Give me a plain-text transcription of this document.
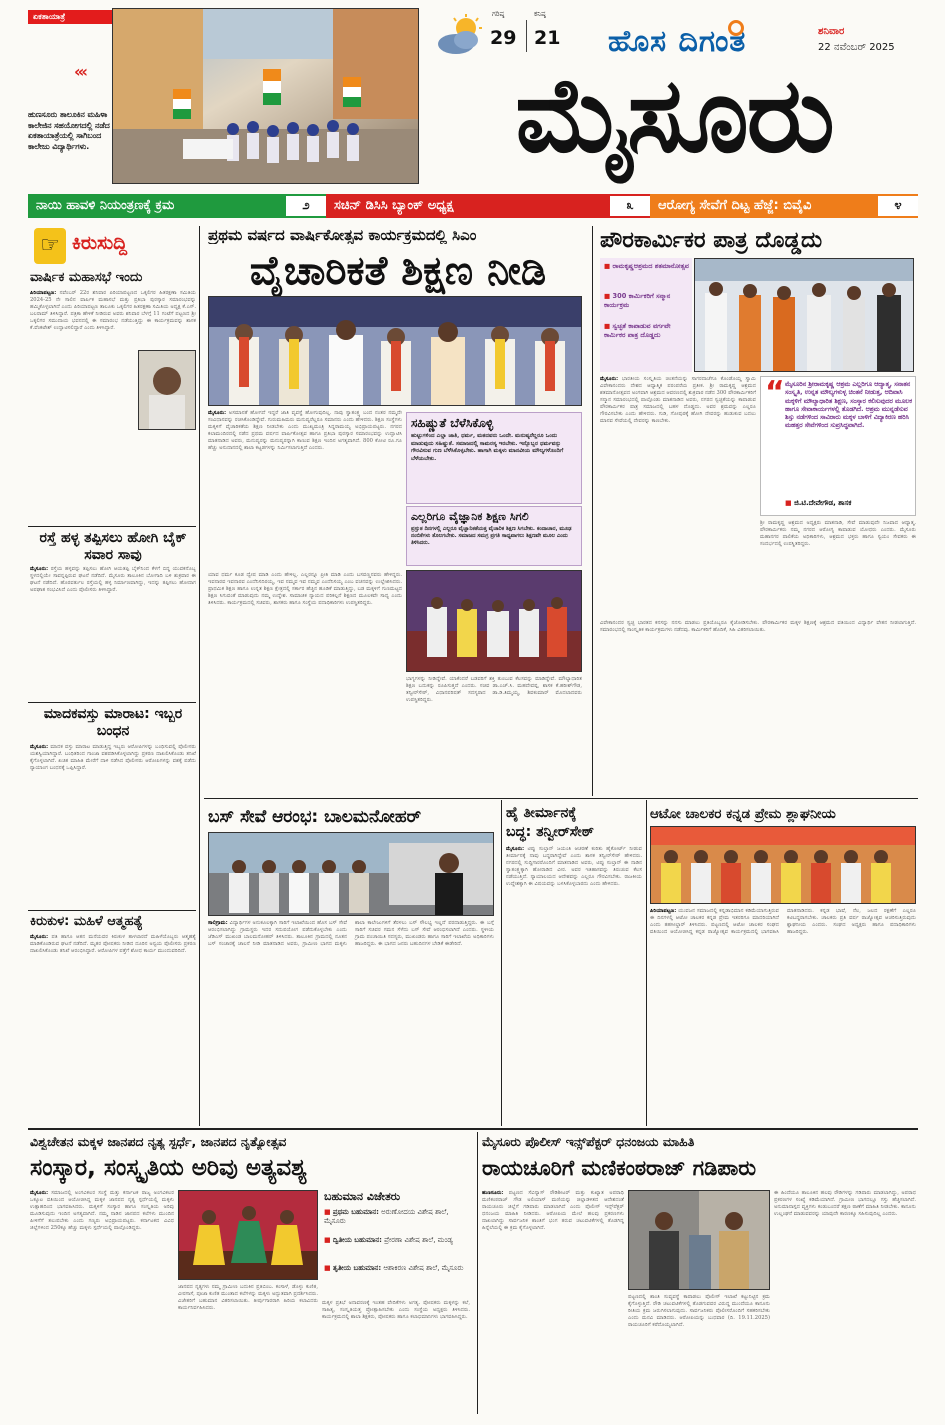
ಏಕತಾಯಾತ್ರೆ
«‹
ಹುಣಸೂರು ತಾಲೂಕಿನ ಮಹಿಳಾ ಕಾಲೇಜಿನ ಸಹಯೋಗದಲ್ಲಿ ನಡೆದ ಏಕತಾಯಾತ್ರೆಯಲ್ಲಿ ಸಾಗಿಬಂದ ಕಾಲೇಜು ವಿದ್ಯಾರ್ಥಿಗಳು.
ಗರಿಷ್ಠ	ಕನಿಷ್ಠ
29 21 ಹೊಸ ದಿಗಂತ	ಶನಿವಾರ
22 ನವೆಂಬರ್ 2025
ಮೈಸೂರು
ನಾಯಿ ಹಾವಳಿ ನಿಯಂತ್ರಣಕ್ಕೆ ಕ್ರಮ	೨	ಸಚಿನ್ ಡಿಸಿಸಿ ಬ್ಯಾಂಕ್ ಅಧ್ಯಕ್ಷ	೩	ಆರೋಗ್ಯ ಸೇವೆಗೆ ದಿಟ್ಟ ಹೆಜ್ಜೆ: ಬಿವೈವಿ	೪
☞ ಕಿರುಸುದ್ದಿ
ವಾರ್ಷಿಕ ಮಹಾಸಭೆ ಇಂದು
ಪಿರಿಯಾಪಟ್ಟಣ: ನವೆಂಬರ್ 22ರ ಶನಿವಾರ ಪಿರಿಯಾಪಟ್ಟಣದ ಒಕ್ಕಲಿಗರ ಹಿತರಕ್ಷಣಾ ಸಮಿತಿಯ 2024-25 ನೇ ಸಾಲಿನ ವಾರ್ಷಿಕ ಮಹಾಸಭೆ ಮತ್ತು ಪ್ರತಿಭಾ ಪುರಸ್ಕಾರ ಸಮಾರಂಭವನ್ನು ಹಮ್ಮಿಕೊಳ್ಳಲಾಗಿದೆ ಎಂದು ಪಿರಿಯಾಪಟ್ಟಣ ತಾಲೂಕು ಒಕ್ಕಲಿಗರ ಹಿತರಕ್ಷಣಾ ಸಮಿತಿಯ ಅಧ್ಯಕ್ಷ ಕೆ.ಎಸ್. ಬಲರಾಮ್ ತಿಳಿಸಿದ್ದಾರೆ. ಪತ್ರಿಕಾ ಹೇಳಿಕೆ ನೀಡಿರುವ ಅವರು ಶನಿವಾರ ಬೆಳಗ್ಗೆ 11 ಗಂಟೆಗೆ ಪಟ್ಟಣದ ಶ್ರೀ ಒಕ್ಕಲಿಗರ ಸಮುದಾಯ ಭವನದಲ್ಲಿ ಈ ಸಮಾರಂಭ ನಡೆಯುತ್ತಿದ್ದು ಈ ಕಾರ್ಯಕ್ರಮವನ್ನು ಶಾಸಕ ಕೆ.ವೆಂಕಟೇಶ್ ಉದ್ಘಾಟಿಸಲಿದ್ದಾರೆ ಎಂದು ತಿಳಿಸಿದ್ದಾರೆ.
ರಸ್ತೆ ಹಳ್ಳ ತಪ್ಪಿಸಲು ಹೋಗಿ ಬೈಕ್ ಸವಾರ ಸಾವು
ಮೈಸೂರು: ರಸ್ತೆಯ ಹಳ್ಳವನ್ನು ತಪ್ಪಿಸಲು ಹೋಗಿ ಆಯತಪ್ಪಿ ಬೈಕ್‌ನಿಂದ ಕೆಳಗೆ ಬಿದ್ದ ಯುವಕನೊಬ್ಬ ಸ್ಥಳದಲ್ಲಿಯೇ ಸಾವನ್ನಪ್ಪಿರುವ ಘಟನೆ ನಡೆದಿದೆ. ಮೈಸೂರು ತಾಲೂಕಿನ ಬೋಗಾದಿ ಬಳಿ ಶುಕ್ರವಾರ ಈ ಘಟನೆ ನಡೆದಿದೆ. ಹೊರವರ್ತುಲ ರಸ್ತೆಯಲ್ಲಿ ಹಳ್ಳ ನಿರ್ಮಾಣವಾಗಿದ್ದು, ಇದನ್ನು ತಪ್ಪಿಸಲು ಹೋದಾಗ ಅಪಘಾತ ಸಂಭವಿಸಿದೆ ಎಂದು ಪೊಲೀಸರು ತಿಳಿಸಿದ್ದಾರೆ.
ಮಾದಕವಸ್ತು ಮಾರಾಟ: ಇಬ್ಬರ ಬಂಧನ
ಮೈಸೂರು: ಮಾದಕ ವಸ್ತು ಮಾರಾಟ ಮಾಡುತ್ತಿದ್ದ ಇಬ್ಬರು ಆರೋಪಿಗಳನ್ನು ಬಂಧಿಸುವಲ್ಲಿ ಪೊಲೀಸರು ಯಶಸ್ವಿಯಾಗಿದ್ದಾರೆ. ಬಂಧಿತರಿಂದ ಗಾಂಜಾ ವಶಪಡಿಸಿಕೊಳ್ಳಲಾಗಿದ್ದು ಪ್ರಕರಣ ದಾಖಲಿಸಿಕೊಂಡು ತನಿಖೆ ಕೈಗೊಳ್ಳಲಾಗಿದೆ. ಖಚಿತ ಮಾಹಿತಿ ಮೇರೆಗೆ ದಾಳಿ ನಡೆಸಿದ ಪೊಲೀಸರು ಆರೋಪಿಗಳನ್ನು ವಶಕ್ಕೆ ಪಡೆದು ನ್ಯಾಯಾಂಗ ಬಂಧನಕ್ಕೆ ಒಪ್ಪಿಸಿದ್ದಾರೆ.
ಕಿರುಕುಳ: ಮಹಿಳೆ ಆತ್ಮಹತ್ಯೆ
ಮೈಸೂರು: ಪತಿ ಹಾಗೂ ಆತನ ಮನೆಯವರ ಕಿರುಕುಳ ತಾಳಲಾರದೆ ಮಹಿಳೆಯೊಬ್ಬರು ಆತ್ಮಹತ್ಯೆ ಮಾಡಿಕೊಂಡಿರುವ ಘಟನೆ ನಡೆದಿದೆ. ಮೃತರ ಪೋಷಕರು ನೀಡಿದ ದೂರಿನ ಅನ್ವಯ ಪೊಲೀಸರು ಪ್ರಕರಣ ದಾಖಲಿಸಿಕೊಂಡು ತನಿಖೆ ಆರಂಭಿಸಿದ್ದಾರೆ. ಆರೋಪಿಗಳ ಪತ್ತೆಗೆ ಶೋಧ ಕಾರ್ಯ ಮುಂದುವರಿದಿದೆ.
ಪ್ರಥಮ ವರ್ಷದ ವಾರ್ಷಿಕೋತ್ಸವ ಕಾರ್ಯಕ್ರಮದಲ್ಲಿ ಸಿಎಂ
ವೈಚಾರಿಕತೆ ಶಿಕ್ಷಣ ನೀಡಿ
ಮೈಸೂರು: ಅಸಮಾನತೆ ಹೋಗದೆ ಇದ್ದರೆ ಜಾತಿ ವ್ಯವಸ್ಥೆ ಹೋಗುವುದಿಲ್ಲ. ನಾವು ಸ್ವಾತಂತ್ರ್ಯ ಬಂದ ನಂತರ ನಮ್ಮದೇ ಸಂವಿಧಾನವನ್ನು ರಚಿಸಿಕೊಂಡಿದ್ದೇವೆ. ಗುರುಮಹಿಮರು ಮನುಷ್ಯರೆಲ್ಲರೂ ಸಮಾನರು ಎಂದು ಹೇಳಿದರು. ಶಿಕ್ಷಣ ಸಂಸ್ಥೆಗಳು ಮಕ್ಕಳಿಗೆ ವೈಚಾರಿಕತೆಯ ಶಿಕ್ಷಣ ನೀಡಬೇಕು ಎಂದು ಮುಖ್ಯಮಂತ್ರಿ ಸಿದ್ದರಾಮಯ್ಯ ಅಭಿಪ್ರಾಯಪಟ್ಟರು. ನಗರದ ಕಲಾಮಂದಿರದಲ್ಲಿ ನಡೆದ ಪ್ರಥಮ ವರ್ಷದ ವಾರ್ಷಿಕೋತ್ಸವ ಹಾಗೂ ಪ್ರತಿಭಾ ಪುರಸ್ಕಾರ ಸಮಾರಂಭವನ್ನು ಉದ್ಘಾಟಿಸಿ ಮಾತನಾಡಿದ ಅವರು, ಮನುಷ್ಯರನ್ನು ಮನುಷ್ಯರನ್ನಾಗಿ ಕಾಣುವ ಶಿಕ್ಷಣ ಇಂದಿನ ಅಗತ್ಯವಾಗಿದೆ. 800 ಕೋಟಿ ರೂ.ಗೂ ಹೆಚ್ಚು ಅನುದಾನದಲ್ಲಿ ಶಾಲಾ ಕಟ್ಟಡಗಳನ್ನು ನಿರ್ಮಿಸಲಾಗುತ್ತಿದೆ ಎಂದರು.
ಸಹಿಷ್ಣುತೆ ಬೆಳೆಸಿಕೊಳ್ಳಿ
ಹುಟ್ಟುಗಳಿಂದ ಎಲ್ಲಾ ಜಾತಿ, ಧರ್ಮ, ಮತದವರು ಒಂದೇ. ಮನುಷ್ಯರೆಲ್ಲರೂ ಒಂದು ಮಾಡುವುದು ಸಹಿಷ್ಣುತೆ. ಸಮಾಜದಲ್ಲಿ ಸಾಮರಸ್ಯ ಇರಬೇಕು. ಇನ್ನೊಬ್ಬರ ಧರ್ಮವನ್ನು ಗೌರವಿಸುವ ಗುಣ ಬೆಳೆಸಿಕೊಳ್ಳಬೇಕು. ಹಾಗಾಗಿ ಮಕ್ಕಳು ಮಾನವೀಯ ಮೌಲ್ಯಗಳೊಂದಿಗೆ ಬೆಳೆಯಬೇಕು.
ಎಲ್ಲರಿಗೂ ವೈಜ್ಞಾನಿಕ ಶಿಕ್ಷಣ ಸಿಗಲಿ
ಪ್ರಸ್ತುತ ದಿನಗಳಲ್ಲಿ ಎಲ್ಲರೂ ವೈಜ್ಞಾನಿಕತೆಯತ್ತ ವೈಚಾರಿಕ ಶಿಕ್ಷಣ ಸಿಗಬೇಕು. ಕಂದಾಚಾರ, ಮೂಢ ನಂಬಿಕೆಗಳು ತೊಲಗಬೇಕು. ಸಮಾಜದ ಸಮಗ್ರ ಪ್ರಗತಿ ಸಾಧ್ಯವಾಗಲು ಶಿಕ್ಷಣವೇ ಮೂಲ ಎಂದು ತಿಳಿಸಿದರು.
ಯಾವ ಧರ್ಮ ಕೂಡ ದ್ವೇಷ ಮಾಡಿ ಎಂದು ಹೇಳಿಲ್ಲ. ಎಲ್ಲರನ್ನೂ ಪ್ರೀತಿ ಮಾಡಿ ಎಂದು ಬಸವಣ್ಣನವರು ಹೇಳಿದ್ದರು. ಇವನಾರವ ಇವನಾರವ ಎಂದೆನಿಸದಿರಯ್ಯ, ಇವ ನಮ್ಮವ ಇವ ನಮ್ಮವ ಎಂದೆನಿಸಯ್ಯ ಎಂಬ ವಚನವನ್ನು ಉಲ್ಲೇಖಿಸಿದರು. ಪ್ರಾಥಮಿಕ ಶಿಕ್ಷಣ ಹಾಗೂ ಉನ್ನತ ಶಿಕ್ಷಣ ಕ್ಷೇತ್ರದಲ್ಲಿ ಸರ್ಕಾರ ಹೆಚ್ಚಿನ ಹೂಡಿಕೆ ಮಾಡುತ್ತಿದ್ದು, ಬಡ ಮಕ್ಕಳಿಗೆ ಗುಣಮಟ್ಟದ ಶಿಕ್ಷಣ ಸಿಗುವಂತೆ ಮಾಡುವುದು ನಮ್ಮ ಉದ್ದೇಶ. ಸಾಮಾಜಿಕ ನ್ಯಾಯದ ಪರಿಕಲ್ಪನೆ ಶಿಕ್ಷಣದ ಮೂಲಕವೇ ಸಾಧ್ಯ ಎಂದು ತಿಳಿಸಿದರು. ಕಾರ್ಯಕ್ರಮದಲ್ಲಿ ಸಚಿವರು, ಶಾಸಕರು ಹಾಗೂ ಸಂಸ್ಥೆಯ ಪದಾಧಿಕಾರಿಗಳು ಉಪಸ್ಥಿತರಿದ್ದರು.
ಭಾಗ್ಯಗಳನ್ನು ನೀಡಿದ್ದೇವೆ. ಯಾಕೆಂದರೆ ಬಡವರಿಗೆ ಶಕ್ತಿ ತುಂಬುವ ಕೆಲಸವನ್ನು ಮಾಡಿದ್ದೇವೆ. ಮೌಲ್ಯಾಧಾರಿತ ಶಿಕ್ಷಣ ಬದುಕನ್ನು ರೂಪಿಸುತ್ತದೆ ಎಂದರು. ಸಚಿವ ಡಾ.ಎಚ್.ಸಿ. ಮಹದೇವಪ್ಪ, ಶಾಸಕ ಕೆ.ಹರೀಶ್‌ಗೌಡ, ತನ್ವೀರ್‌ಸೇಠ್, ವಿಧಾನಪರಿಷತ್ ಸದಸ್ಯರಾದ ಡಾ.ಡಿ.ತಿಮ್ಮಯ್ಯ, ಶಿವಕುಮಾರ್ ಮೊದಲಾದವರು ಉಪಸ್ಥಿತರಿದ್ದರು.
ಪೌರಕಾರ್ಮಿಕರ ಪಾತ್ರ ದೊಡ್ಡದು
■ ರಾಮಕೃಷ್ಣಆಶ್ರಮದ ಶತಮಾನೋತ್ಸವ
■ 300 ಕಾರ್ಮಿಕರಿಗೆ ಸನ್ಮಾನ ಕಾರ್ಯಕ್ರಮ
■ ಸ್ವಚ್ಛತೆ ಕಾಪಾಡುವ ವರ್ಗವೇ ಕಾರ್ಮಿಕರ ಪಾತ್ರ ದೊಡ್ಡದು
ಮೈಸೂರು: ಭಾರತೀಯ ಸಂಸ್ಕೃತಿಯ ಚಿಂತನೆಯನ್ನು ಸಾಗರದಾಚೆಗೂ ಕೊಂಡೊಯ್ದ ಸ್ವಾಮಿ ವಿವೇಕಾನಂದರು ದೇಶದ ಆಧ್ಯಾತ್ಮಿಕ ಪರಂಪರೆಯ ಪ್ರತೀಕ. ಶ್ರೀ ರಾಮಕೃಷ್ಣ ಆಶ್ರಮದ ಶತಮಾನೋತ್ಸವದ ಅಂಗವಾಗಿ ಆಶ್ರಮದ ಆವರಣದಲ್ಲಿ ಶುಕ್ರವಾರ ನಡೆದ 300 ಪೌರಕಾರ್ಮಿಕರಿಗೆ ಸನ್ಮಾನ ಸಮಾರಂಭದಲ್ಲಿ ಪಾಲ್ಗೊಂಡು ಮಾತನಾಡಿದ ಅವರು, ನಗರದ ಸ್ವಚ್ಛತೆಯನ್ನು ಕಾಪಾಡುವ ಪೌರಕಾರ್ಮಿಕರ ಪಾತ್ರ ಸಮಾಜದಲ್ಲಿ ಬಹಳ ದೊಡ್ಡದು. ಅವರ ಶ್ರಮವನ್ನು ಎಲ್ಲರೂ ಗೌರವಿಸಬೇಕು ಎಂದು ಹೇಳಿದರು. ಗುಡಿ, ಗೋಪುರಕ್ಕೆ ಹೋಗಿ ದೇವರನ್ನು ಹುಡುಕುವ ಬದಲು ಮಾನವ ಸೇವೆಯಲ್ಲಿ ದೇವರನ್ನು ಕಾಣಬೇಕು.
“ ಮೈಸೂರಿನ ಶ್ರೀರಾಮಕೃಷ್ಣ ಆಶ್ರಮ ಎಲ್ಲರಿಗೂ ಆದ್ಯಾತ್ಮ, ಸನಾತನ ಸಂಸ್ಕೃತಿ, ಉನ್ನತ ಮೌಲ್ಯಗಳುಳ್ಳ ಚಿಂತನೆ ನೀಡುತ್ತ, ಆದಿವಾಸಿ ಮಕ್ಕಳಿಗೆ ಮೌಲ್ಯಾಧಾರಿತ ಶಿಕ್ಷಣ, ಸಂಸ್ಕಾರ ಕಲಿಸುವುದರ ಮೂಲಕ ಹಾಗೂ ಸೇವಾಕಾರ್ಯಗಳಲ್ಲಿ ತೊಡಗಿದೆ. ಆಶ್ರಮ ಮುನ್ನಡೆಸುವ ಶಿಸ್ತು ನಡೆಗಳಿಂದ ಸಾವಿರಾರು ಮಕ್ಕಳ ಬಾಳಿಗೆ ವಿದ್ಯಾಕಿರಣ ಹರಿಸಿ ಮಹತ್ತರ ಸೇವೆಗಳಿಂದ ಸುಪ್ರಸಿದ್ಧವಾಗಿದೆ.
■ ಜಿ.ಟಿ.ದೇವೇಗೌಡ, ಶಾಸಕ
ಶ್ರೀ ರಾಮಕೃಷ್ಣ ಆಶ್ರಮದ ಅಧ್ಯಕ್ಷರು ಮಾತನಾಡಿ, ಸೇವೆ ಮಾಡುವುದೇ ನಿಜವಾದ ಆಧ್ಯಾತ್ಮ. ಪೌರಕಾರ್ಮಿಕರು ನಮ್ಮ ನಗರದ ಆರೋಗ್ಯ ಕಾಪಾಡುವ ಯೋಧರು ಎಂದರು. ಮೈಸೂರು ಮಹಾನಗರ ಪಾಲಿಕೆಯ ಅಧಿಕಾರಿಗಳು, ಆಶ್ರಮದ ಭಕ್ತರು ಹಾಗೂ ಸ್ವಯಂ ಸೇವಕರು ಈ ಸಂದರ್ಭದಲ್ಲಿ ಉಪಸ್ಥಿತರಿದ್ದರು.
ವಿವೇಕಾನಂದರ ಸ್ವಚ್ಛ ಭಾರತದ ಕನಸನ್ನು ನನಸು ಮಾಡಲು ಪ್ರತಿಯೊಬ್ಬರೂ ಕೈಜೋಡಿಸಬೇಕು. ಪೌರಕಾರ್ಮಿಕರ ಮಕ್ಕಳ ಶಿಕ್ಷಣಕ್ಕೆ ಆಶ್ರಮದ ವತಿಯಿಂದ ವಿದ್ಯಾರ್ಥಿ ವೇತನ ನೀಡಲಾಗುತ್ತಿದೆ. ಸಮಾರಂಭದಲ್ಲಿ ಸಾಂಸ್ಕೃತಿಕ ಕಾರ್ಯಕ್ರಮಗಳು ನಡೆದವು. ಕಾರ್ಮಿಕರಿಗೆ ಹೊದಿಕೆ, ಸಿಹಿ ವಿತರಿಸಲಾಯಿತು.
ಬಸ್ ಸೇವೆ ಆರಂಭ: ಬಾಲಮನೋಹರ್
ಸಾಲಿಗ್ರಾಮ: ವಿದ್ಯಾರ್ಥಿಗಳ ಅನುಕೂಲಕ್ಕಾಗಿ ಸಾರಿಗೆ ಇಲಾಖೆಯಿಂದ ಹೊಸ ಬಸ್ ಸೇವೆ ಆರಂಭಿಸಲಾಗಿದ್ದು ಗ್ರಾಮಸ್ಥರು ಇದರ ಸದುಪಯೋಗ ಪಡೆದುಕೊಳ್ಳಬೇಕು ಎಂದು ಜೆಡಿಎಸ್ ಮುಖಂಡ ಬಾಲಮನೋಹರ್ ತಿಳಿಸಿದರು. ತಾಲೂಕಿನ ಗ್ರಾಮದಲ್ಲಿ ನೂತನ ಬಸ್ ಸಂಚಾರಕ್ಕೆ ಚಾಲನೆ ನೀಡಿ ಮಾತನಾಡಿದ ಅವರು, ಗ್ರಾಮೀಣ ಭಾಗದ ಮಕ್ಕಳು ಶಾಲಾ ಕಾಲೇಜುಗಳಿಗೆ ತೆರಳಲು ಬಸ್ ಸೌಲಭ್ಯ ಇಲ್ಲದೆ ಪರದಾಡುತ್ತಿದ್ದರು. ಈ ಬಗ್ಗೆ ಸಾರಿಗೆ ಸಚಿವರ ಗಮನ ಸೆಳೆದು ಬಸ್ ಸೇವೆ ಆರಂಭಿಸಲಾಗಿದೆ ಎಂದರು. ಸ್ಥಳೀಯ ಗ್ರಾಮ ಪಂಚಾಯಿತಿ ಸದಸ್ಯರು, ಮುಖಂಡರು ಹಾಗೂ ಸಾರಿಗೆ ಇಲಾಖೆಯ ಅಧಿಕಾರಿಗಳು ಹಾಜರಿದ್ದರು. ಈ ಭಾಗದ ಜನರು ಬಹುದಿನಗಳ ಬೇಡಿಕೆ ಈಡೇರಿದೆ.
ಹೈ ತೀರ್ಮಾನಕ್ಕೆ
ಬದ್ಧ: ತನ್ವೀರ್‌ಸೇಠ್
ಮೈಸೂರು: ಟಿಪ್ಪು ಸುಲ್ತಾನ್ ಜಯಂತಿ ಆಚರಣೆ ಕುರಿತು ಹೈಕೋರ್ಟ್ ನೀಡುವ ತೀರ್ಮಾನಕ್ಕೆ ನಾವು ಬದ್ಧರಾಗಿದ್ದೇವೆ ಎಂದು ಶಾಸಕ ತನ್ವೀರ್‌ಸೇಠ್ ಹೇಳಿದರು. ನಗರದಲ್ಲಿ ಸುದ್ದಿಗಾರರೊಂದಿಗೆ ಮಾತನಾಡಿದ ಅವರು, ಟಿಪ್ಪು ಸುಲ್ತಾನ್ ಈ ನಾಡಿನ ಸ್ವಾತಂತ್ರ್ಯಕ್ಕಾಗಿ ಹೋರಾಡಿದ ವೀರ. ಅವರ ಇತಿಹಾಸವನ್ನು ತಿರುಚುವ ಕೆಲಸ ನಡೆಯುತ್ತಿದೆ. ನ್ಯಾಯಾಲಯದ ಆದೇಶವನ್ನು ಎಲ್ಲರೂ ಗೌರವಿಸಬೇಕು. ರಾಜಕೀಯ ಉದ್ದೇಶಕ್ಕಾಗಿ ಈ ವಿಷಯವನ್ನು ಬಳಸಿಕೊಳ್ಳಬಾರದು ಎಂದು ಹೇಳಿದರು.
ಆಟೋ ಚಾಲಕರ ಕನ್ನಡ ಪ್ರೇಮ ಶ್ಲಾಘನೀಯ
ಪಿರಿಯಾಪಟ್ಟಣ: ಯುವಜನ ಸಮಾಜದಲ್ಲಿ ಕನ್ನಡಾಭಿಮಾನ ಕಡಿಮೆಯಾಗುತ್ತಿರುವ ಈ ದಿನಗಳಲ್ಲಿ ಆಟೋ ಚಾಲಕರ ಕನ್ನಡ ಪ್ರೇಮ ಇತರರಿಗೂ ಮಾದರಿಯಾಗಿದೆ ಎಂದು ತಹಸೀಲ್ದಾರ್ ತಿಳಿಸಿದರು. ಪಟ್ಟಣದಲ್ಲಿ ಆಟೋ ಚಾಲಕರ ಸಂಘದ ವತಿಯಿಂದ ಆಯೋಜಿಸಿದ್ದ ಕನ್ನಡ ರಾಜ್ಯೋತ್ಸವ ಕಾರ್ಯಕ್ರಮದಲ್ಲಿ ಭಾಗವಹಿಸಿ ಮಾತನಾಡಿದರು. ಕನ್ನಡ ಭಾಷೆ, ನೆಲ, ಜಲದ ರಕ್ಷಣೆಗೆ ಎಲ್ಲರೂ ಕಟಿಬದ್ಧರಾಗಬೇಕು. ಚಾಲಕರು ಪ್ರತಿ ವರ್ಷ ರಾಜ್ಯೋತ್ಸವ ಆಚರಿಸುತ್ತಿರುವುದು ಶ್ಲಾಘನೀಯ ಎಂದರು. ಸಂಘದ ಅಧ್ಯಕ್ಷರು ಹಾಗೂ ಪದಾಧಿಕಾರಿಗಳು ಹಾಜರಿದ್ದರು.
ವಿಶ್ವಚೇತನ ಮಕ್ಕಳ ಜಾನಪದ ನೃತ್ಯ ಸ್ಪರ್ಧೆ, ಜಾನಪದ ನೃತ್ಯೋತ್ಸವ
ಸಂಸ್ಕಾರ, ಸಂಸ್ಕೃತಿಯ ಅರಿವು ಅತ್ಯವಶ್ಯ
ಮೈಸೂರು: ಸಮಾಜದಲ್ಲಿ ಅಂಗವಿಕಲರ ಸಂಸ್ಥೆ ಮತ್ತು ಕರ್ನಾಟಕ ರಾಜ್ಯ ಅಂಗವಿಕಲರ ಒಕ್ಕೂಟ ವತಿಯಿಂದ ಆಯೋಜಿಸಿದ್ದ ಮಕ್ಕಳ ಜಾನಪದ ನೃತ್ಯ ಸ್ಪರ್ಧೆಯಲ್ಲಿ ಮಕ್ಕಳು ಉತ್ಸಾಹದಿಂದ ಭಾಗವಹಿಸಿದರು. ಮಕ್ಕಳಿಗೆ ಸಂಸ್ಕಾರ ಹಾಗೂ ಸಂಸ್ಕೃತಿಯ ಅರಿವು ಮೂಡಿಸುವುದು ಇಂದಿನ ಅಗತ್ಯವಾಗಿದೆ. ನಮ್ಮ ನಾಡಿನ ಜಾನಪದ ಕಲೆಗಳು ಮುಂದಿನ ಪೀಳಿಗೆಗೆ ತಲುಪಬೇಕು ಎಂದು ಗಣ್ಯರು ಅಭಿಪ್ರಾಯಪಟ್ಟರು. ಕರ್ನಾಟಕದ ವಿವಿಧ ಜಿಲ್ಲೆಗಳಿಂದ 250ಕ್ಕೂ ಹೆಚ್ಚು ಮಕ್ಕಳು ಸ್ಪರ್ಧೆಯಲ್ಲಿ ಪಾಲ್ಗೊಂಡಿದ್ದರು.
ಬಹುಮಾನ ವಿಜೇತರು
■ ಪ್ರಥಮ ಬಹುಮಾನ: ಅರುಣೋದಯ ವಿಶೇಷ ಶಾಲೆ, ಮೈಸೂರು
■ ದ್ವಿತೀಯ ಬಹುಮಾನ: ಪ್ರೇರಣಾ ವಿಶೇಷ ಶಾಲೆ, ಮಂಡ್ಯ
■ ತೃತೀಯ ಬಹುಮಾನ: ಆಶಾಕಿರಣ ವಿಶೇಷ ಶಾಲೆ, ಮೈಸೂರು
ಜಾನಪದ ನೃತ್ಯಗಳು ನಮ್ಮ ಗ್ರಾಮೀಣ ಬದುಕಿನ ಪ್ರತಿಬಿಂಬ. ಕಂಸಾಳೆ, ಡೊಳ್ಳು ಕುಣಿತ, ವೀರಗಾಸೆ, ಪೂಜಾ ಕುಣಿತ ಮುಂತಾದ ಕಲೆಗಳನ್ನು ಮಕ್ಕಳು ಅದ್ಭುತವಾಗಿ ಪ್ರದರ್ಶಿಸಿದರು. ವಿಜೇತರಿಗೆ ಬಹುಮಾನ ವಿತರಿಸಲಾಯಿತು. ತೀರ್ಪುಗಾರರಾಗಿ ಹಿರಿಯ ಕಲಾವಿದರು ಕಾರ್ಯನಿರ್ವಹಿಸಿದರು.
ಮಕ್ಕಳ ಪ್ರತಿಭೆ ಅನಾವರಣಕ್ಕೆ ಇಂತಹ ವೇದಿಕೆಗಳು ಅಗತ್ಯ. ಪೋಷಕರು ಮಕ್ಕಳನ್ನು ಕಲೆ, ಸಾಹಿತ್ಯ, ಸಂಸ್ಕೃತಿಯತ್ತ ಪ್ರೋತ್ಸಾಹಿಸಬೇಕು ಎಂದು ಸಂಸ್ಥೆಯ ಅಧ್ಯಕ್ಷರು ತಿಳಿಸಿದರು. ಕಾರ್ಯಕ್ರಮದಲ್ಲಿ ಶಾಲಾ ಶಿಕ್ಷಕರು, ಪೋಷಕರು ಹಾಗೂ ಕಲಾಭಿಮಾನಿಗಳು ಭಾಗವಹಿಸಿದ್ದರು.
ಮೈಸೂರು ಪೊಲೀಸ್ ಇನ್ಸ್‌ಪೆಕ್ಟರ್ ಧನಂಜಯ ಮಾಹಿತಿ
ರಾಯಚೂರಿಗೆ ಮಣಿಕಂಠರಾಜ್ ಗಡಿಪಾರು
ಹುಣಸೂರು: ಪಟ್ಟಣದ ಸೆವಿನ್ಯಾಸ್ ರೌಡಿಶೀಟರ್ ಮತ್ತು ಕುಖ್ಯಾತ ಅಪರಾಧಿ ಮಣಿಕಂಠರಾಜ್ ಗೌಡ ಅಲಿಯಾಸ್ ಮಣಿಯನ್ನು ಜಿಲ್ಲಾಡಳಿತದ ಆದೇಶದಂತೆ ರಾಯಚೂರು ಜಿಲ್ಲೆಗೆ ಗಡಿಪಾರು ಮಾಡಲಾಗಿದೆ ಎಂದು ಪೊಲೀಸ್ ಇನ್ಸ್‌ಪೆಕ್ಟರ್ ಧನಂಜಯ ಮಾಹಿತಿ ನೀಡಿದರು. ಆರೋಪಿಯ ಮೇಲೆ ಹಲವು ಪ್ರಕರಣಗಳು ದಾಖಲಾಗಿದ್ದು ಸಾರ್ವಜನಿಕ ಶಾಂತಿಗೆ ಭಂಗ ತರುವ ಚಟುವಟಿಕೆಗಳಲ್ಲಿ ತೊಡಗಿದ್ದ ಹಿನ್ನೆಲೆಯಲ್ಲಿ ಈ ಕ್ರಮ ಕೈಗೊಳ್ಳಲಾಗಿದೆ.
ಪಟ್ಟಣದಲ್ಲಿ ಶಾಂತಿ ಸುವ್ಯವಸ್ಥೆ ಕಾಪಾಡಲು ಪೊಲೀಸ್ ಇಲಾಖೆ ಕಟ್ಟುನಿಟ್ಟಿನ ಕ್ರಮ ಕೈಗೊಳ್ಳುತ್ತಿದೆ. ರೌಡಿ ಚಟುವಟಿಕೆಗಳಲ್ಲಿ ತೊಡಗುವವರ ವಿರುದ್ಧ ಮುಂದೆಯೂ ಕಾನೂನು ರೀತಿಯ ಕ್ರಮ ಜರುಗಿಸಲಾಗುವುದು. ಸಾರ್ವಜನಿಕರು ಪೊಲೀಸರೊಂದಿಗೆ ಸಹಕರಿಸಬೇಕು ಎಂದು ಮನವಿ ಮಾಡಿದರು. ಆರೋಪಿಯನ್ನು ಬುಧವಾರ (ದಿ. 19.11.2025) ರಾಯಚೂರಿಗೆ ಕರೆದೊಯ್ಯಲಾಗಿದೆ.
ಈ ಹಿಂದೆಯೂ ತಾಲೂಕಿನ ಹಲವು ರೌಡಿಗಳನ್ನು ಗಡಿಪಾರು ಮಾಡಲಾಗಿದ್ದು, ಅಪರಾಧ ಪ್ರಕರಣಗಳ ಸಂಖ್ಯೆ ಕಡಿಮೆಯಾಗಿದೆ. ಗ್ರಾಮೀಣ ಭಾಗದಲ್ಲೂ ಗಸ್ತು ಹೆಚ್ಚಿಸಲಾಗಿದೆ. ಅನುಮಾನಾಸ್ಪದ ವ್ಯಕ್ತಿಗಳು ಕಂಡುಬಂದರೆ ತಕ್ಷಣ ಠಾಣೆಗೆ ಮಾಹಿತಿ ನೀಡಬೇಕು. ಕಾನೂನು ಉಲ್ಲಂಘನೆ ಮಾಡುವವರನ್ನು ಯಾವುದೇ ಕಾರಣಕ್ಕೂ ಸಹಿಸುವುದಿಲ್ಲ ಎಂದರು.
